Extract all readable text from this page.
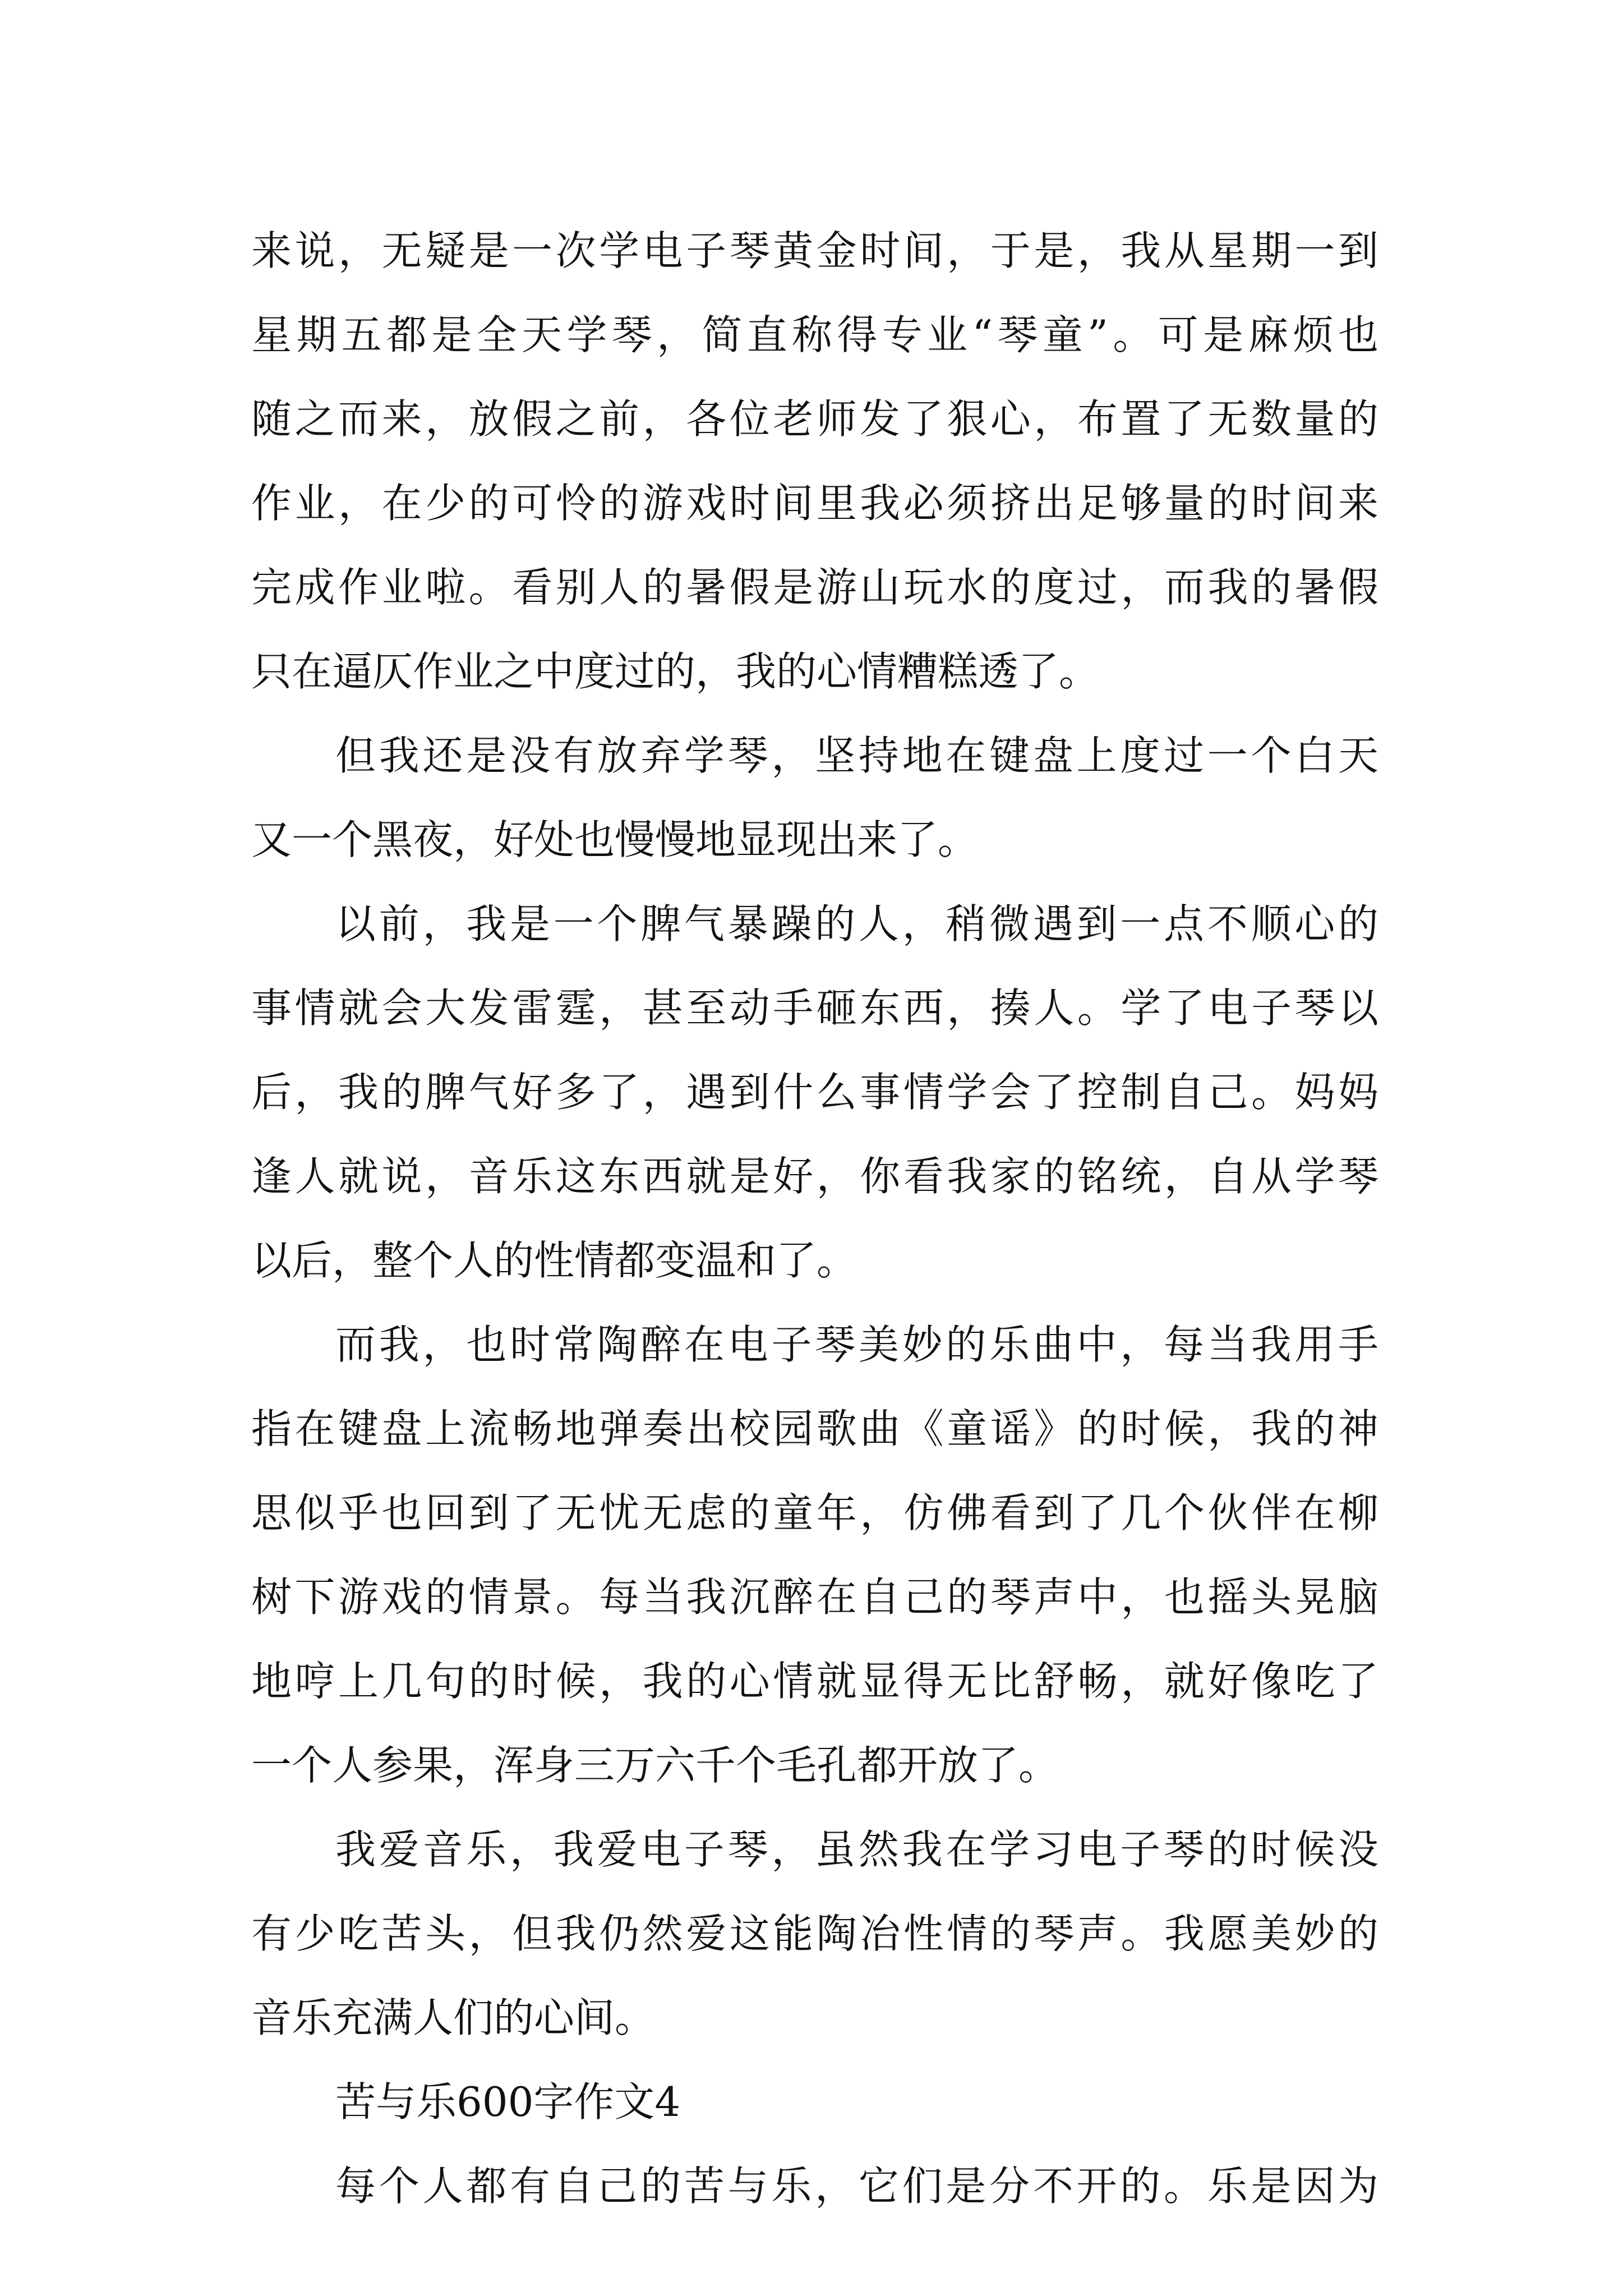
来说，无疑是一次学电子琴黄金时间，于是，我从星期一到
星期五都是全天学琴，简直称得专业“琴童”。可是麻烦也
随之而来，放假之前，各位老师发了狠心，布置了无数量的
作业，在少的可怜的游戏时间里我必须挤出足够量的时间来
完成作业啦。看别人的暑假是游山玩水的度过，而我的暑假
只在逼仄作业之中度过的，我的心情糟糕透了。
但我还是没有放弃学琴，坚持地在键盘上度过一个白天
又一个黑夜，好处也慢慢地显现出来了。
以前，我是一个脾气暴躁的人，稍微遇到一点不顺心的
事情就会大发雷霆，甚至动手砸东西，揍人。学了电子琴以
后，我的脾气好多了，遇到什么事情学会了控制自己。妈妈
逢人就说，音乐这东西就是好，你看我家的铭统，自从学琴
以后，整个人的性情都变温和了。
而我，也时常陶醉在电子琴美妙的乐曲中，每当我用手
指在键盘上流畅地弹奏出校园歌曲《童谣》的时候，我的神
思似乎也回到了无忧无虑的童年，仿佛看到了几个伙伴在柳
树下游戏的情景。每当我沉醉在自己的琴声中，也摇头晃脑
地哼上几句的时候，我的心情就显得无比舒畅，就好像吃了
一个人参果，浑身三万六千个毛孔都开放了。
我爱音乐，我爱电子琴，虽然我在学习电子琴的时候没
有少吃苦头，但我仍然爱这能陶冶性情的琴声。我愿美妙的
音乐充满人们的心间。
苦与乐600字作文4
每个人都有自己的苦与乐，它们是分不开的。乐是因为
